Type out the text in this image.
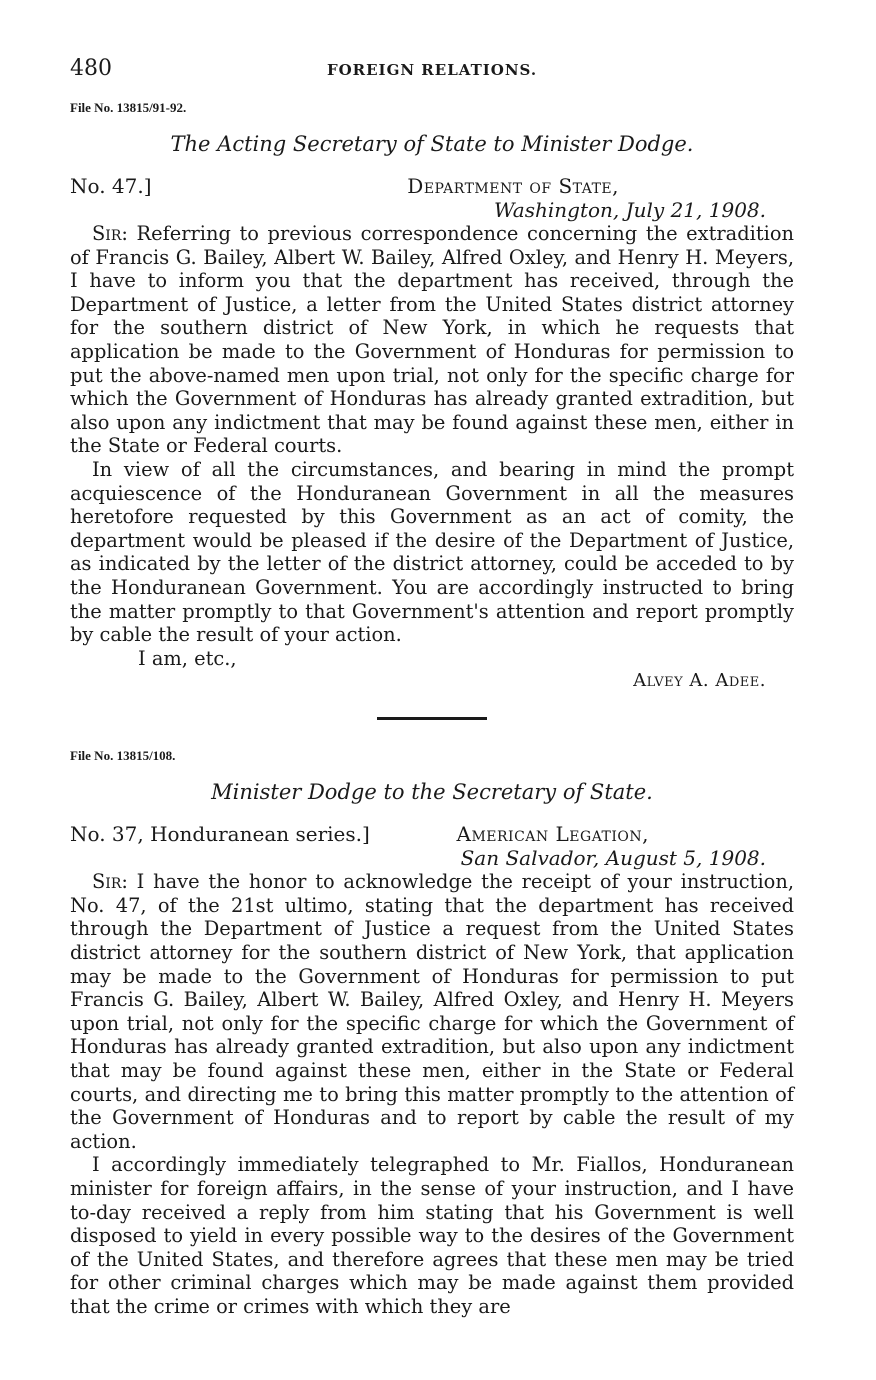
480	FOREIGN RELATIONS.
File No. 13815/91-92.
The Acting Secretary of State to Minister Dodge.
No. 47.]	Department of State,
Washington, July 21, 1908.

Sir: Referring to previous correspondence concerning the extradition of Francis G. Bailey, Albert W. Bailey, Alfred Oxley, and Henry H. Meyers, I have to inform you that the department has received, through the Department of Justice, a letter from the United States district attorney for the southern district of New York, in which he requests that application be made to the Government of Honduras for permission to put the above-named men upon trial, not only for the specific charge for which the Government of Honduras has already granted extradition, but also upon any indictment that may be found against these men, either in the State or Federal courts.

In view of all the circumstances, and bearing in mind the prompt acquiescence of the Honduranean Government in all the measures heretofore requested by this Government as an act of comity, the department would be pleased if the desire of the Department of Justice, as indicated by the letter of the district attorney, could be acceded to by the Honduranean Government. You are accordingly instructed to bring the matter promptly to that Government's attention and report promptly by cable the result of your action.

I am, etc.,
Alvey A. Adee.
File No. 13815/108.
Minister Dodge to the Secretary of State.
No. 37, Honduranean series.]	American Legation,
San Salvador, August 5, 1908.

Sir: I have the honor to acknowledge the receipt of your instruction, No. 47, of the 21st ultimo, stating that the department has received through the Department of Justice a request from the United States district attorney for the southern district of New York, that application may be made to the Government of Honduras for permission to put Francis G. Bailey, Albert W. Bailey, Alfred Oxley, and Henry H. Meyers upon trial, not only for the specific charge for which the Government of Honduras has already granted extradition, but also upon any indictment that may be found against these men, either in the State or Federal courts, and directing me to bring this matter promptly to the attention of the Government of Honduras and to report by cable the result of my action.

I accordingly immediately telegraphed to Mr. Fiallos, Honduranean minister for foreign affairs, in the sense of your instruction, and I have to-day received a reply from him stating that his Government is well disposed to yield in every possible way to the desires of the Government of the United States, and therefore agrees that these men may be tried for other criminal charges which may be made against them provided that the crime or crimes with which they are
